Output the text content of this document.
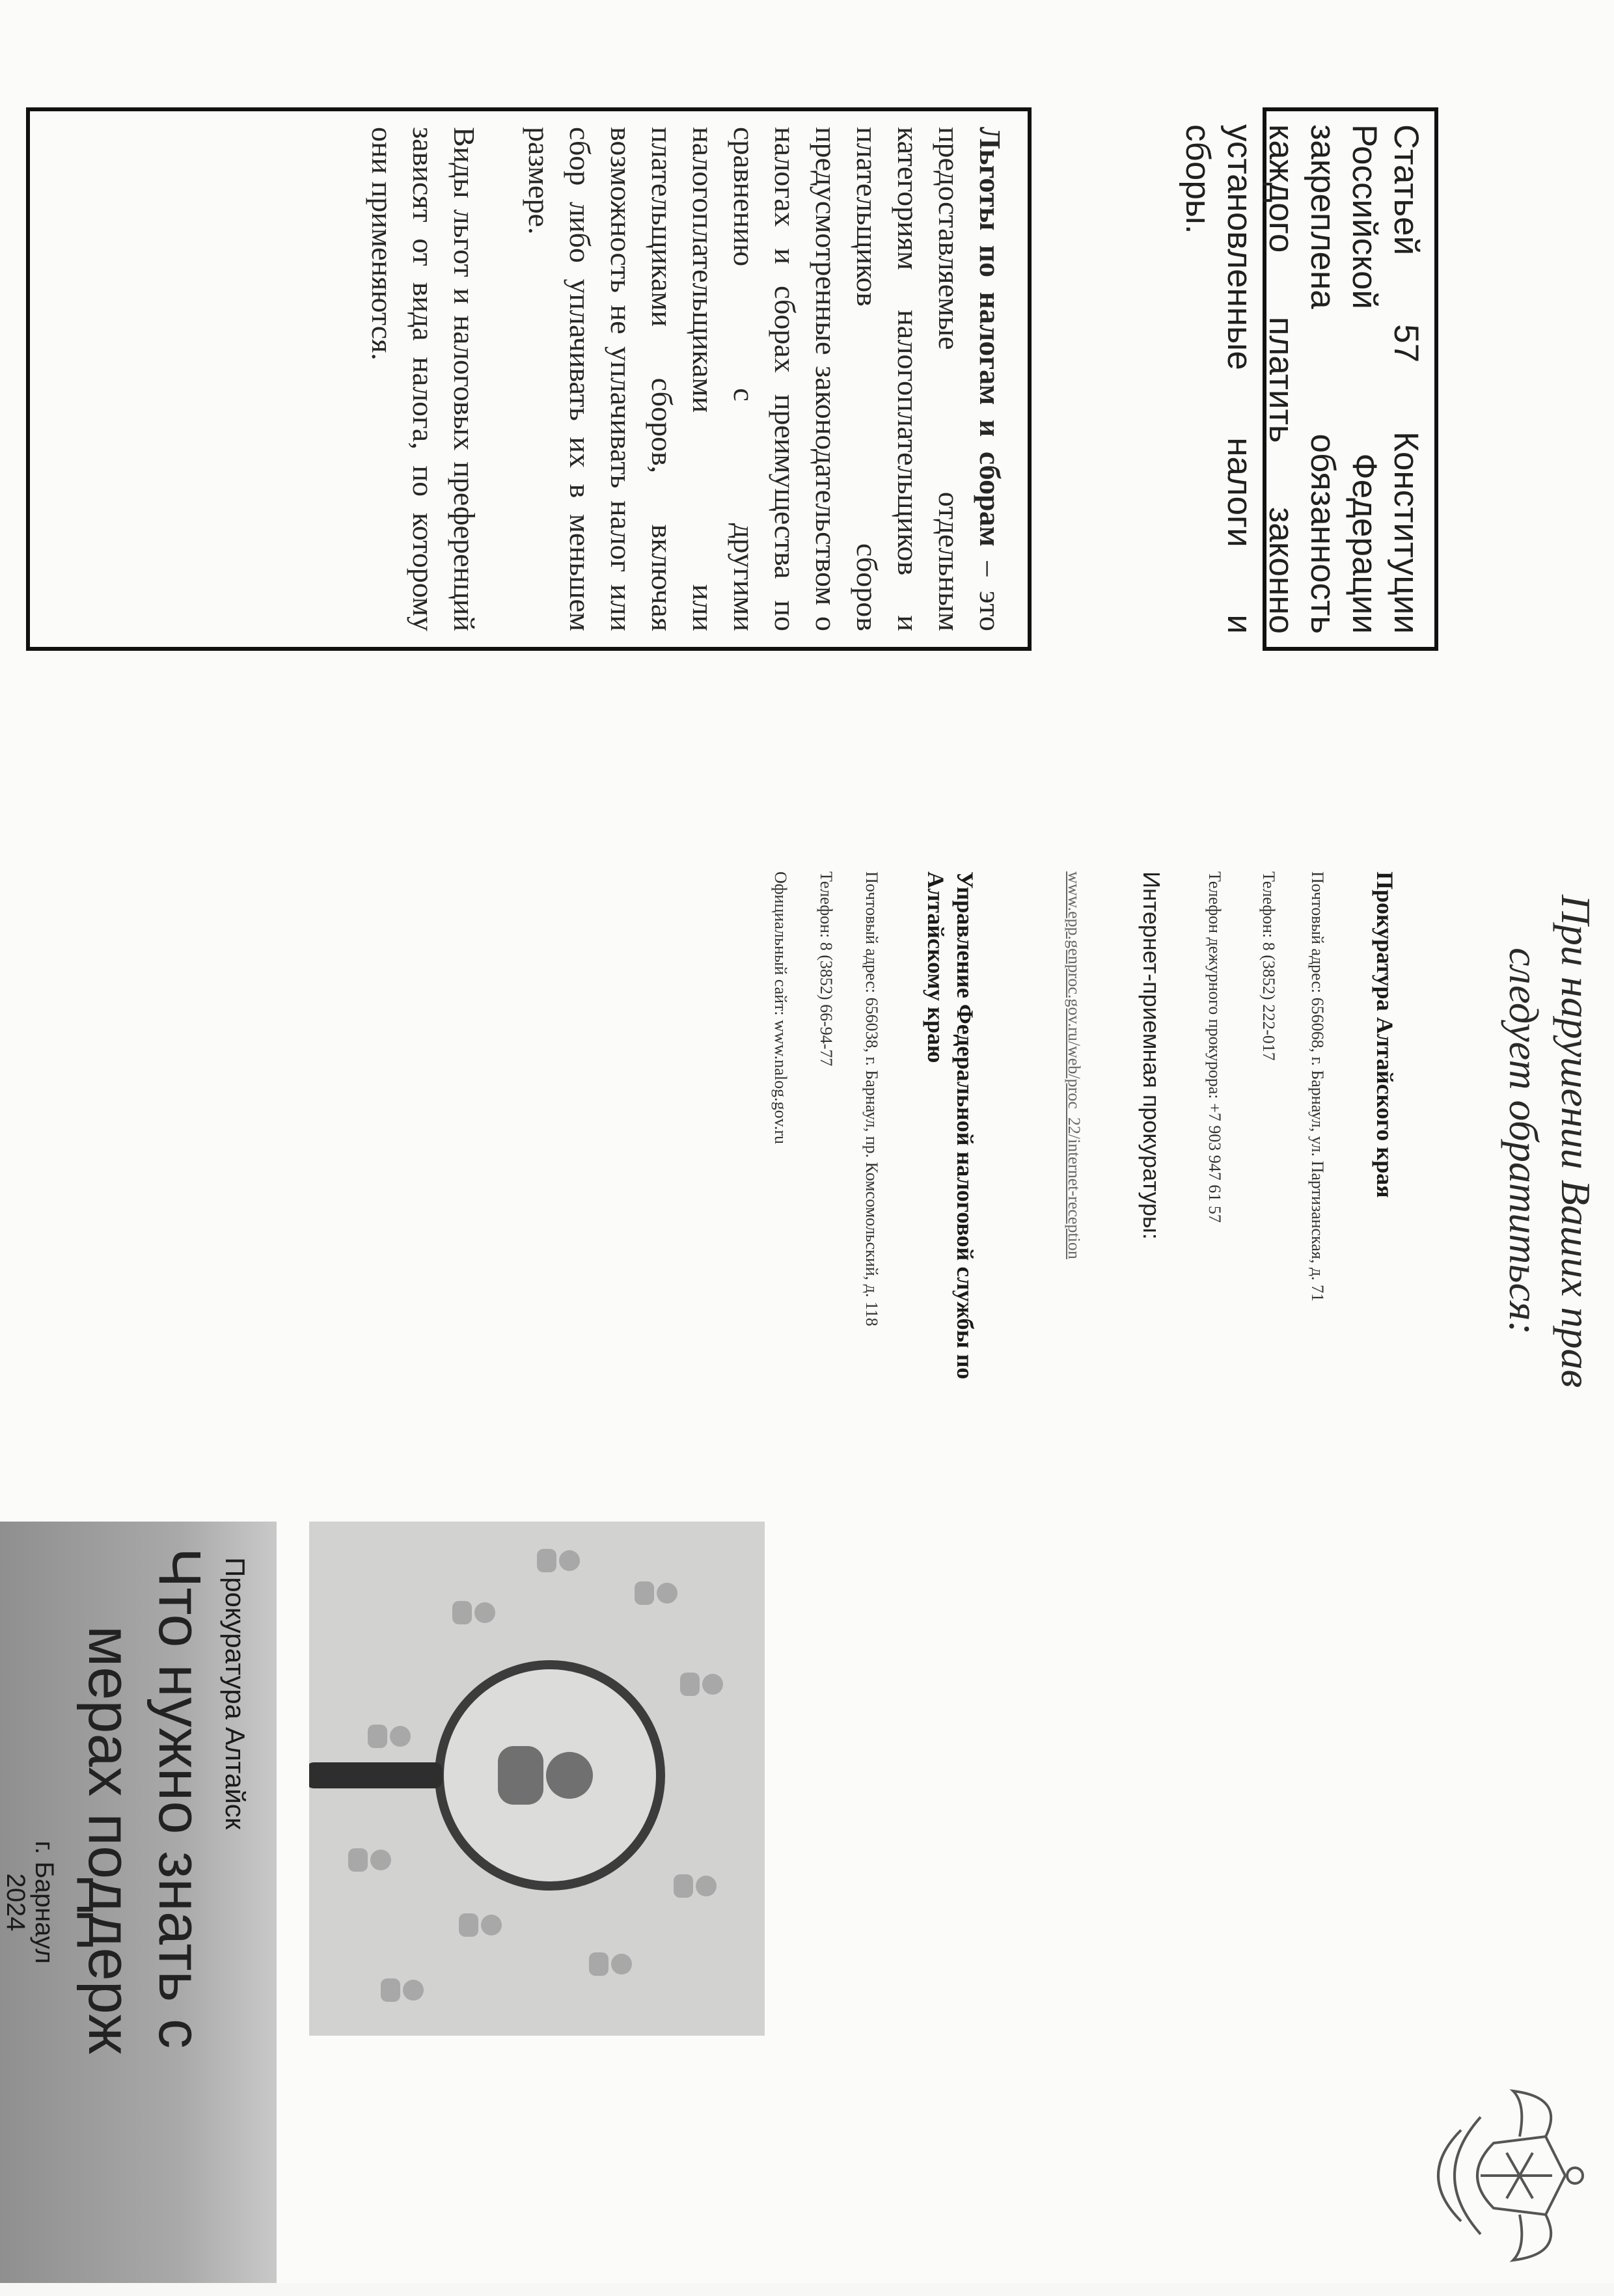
Статьей 57 Конституции Российской Федерации закреплена обязанность каждого платить законно установленные налоги и сборы.

Льготы по налогам и сборам – это предоставляемые отдельным категориям налогоплательщиков и плательщиков сборов предусмотренные законодательством о налогах и сборах преимущества по сравнению с другими налогоплательщиками или плательщиками сборов, включая возможность не уплачивать налог или сбор либо уплачивать их в меньшем размере.

Виды льгот и налоговых преференций зависят от вида налога, по которому они применяются.

При нарушении Ваших прав
следует обратиться:
Прокуратура Алтайского края
Почтовый адрес: 656068, г. Барнаул, ул. Партизанская, д. 71
Телефон: 8 (3852) 222-017
Телефон дежурного прокурора: +7 903 947 61 57
Интернет-приемная прокуратуры:
www.epp.genproc.gov.ru/web/proc_22/internet-reception
Управление Федеральной налоговой службы по
Алтайскому краю
Почтовый адрес: 656038, г. Барнаул, пр. Комсомольский, д. 118
Телефон: 8 (3852) 66-94-77
Официальный сайт: www.nalog.gov.ru
Прокуратура Алтайск
Что нужно знать с
мерах поддерж
г. Барнаул
2024
